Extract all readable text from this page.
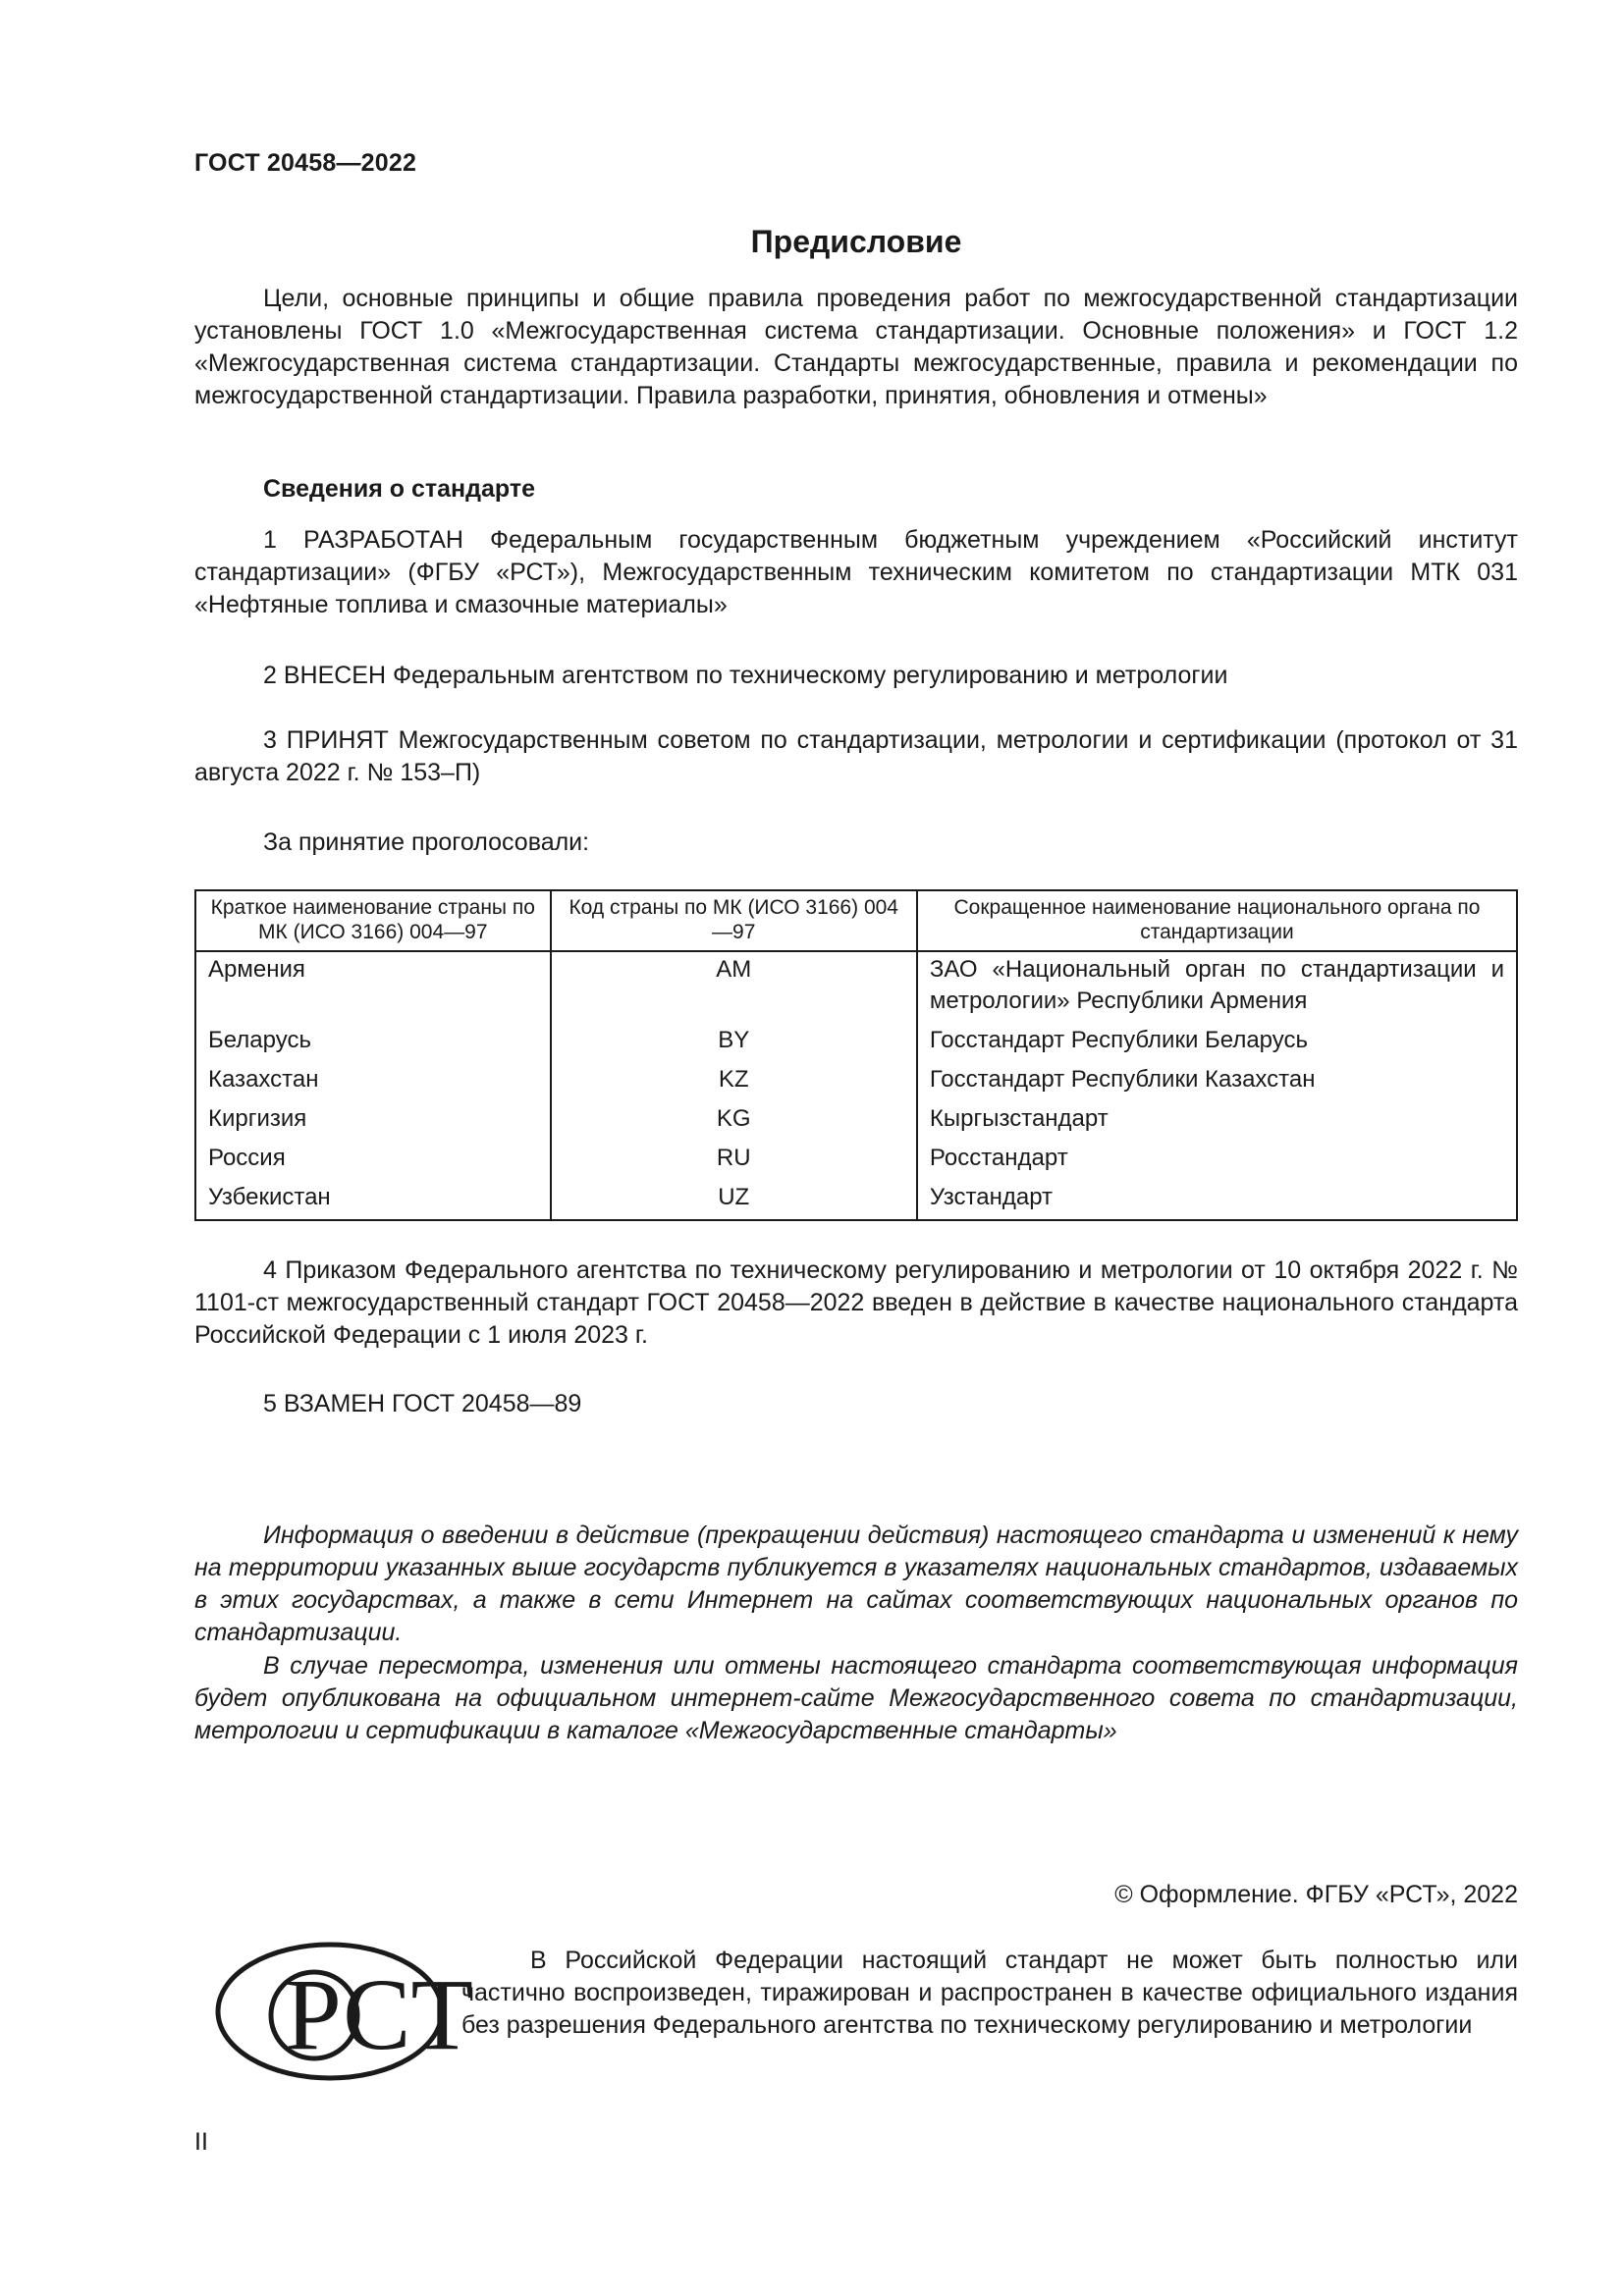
ГОСТ 20458—2022
Предисловие
Цели, основные принципы и общие правила проведения работ по межгосударственной стандартизации установлены ГОСТ 1.0 «Межгосударственная система стандартизации. Основные положения» и ГОСТ 1.2 «Межгосударственная система стандартизации. Стандарты межгосударственные, правила и рекомендации по межгосударственной стандартизации. Правила разработки, принятия, обновления и отмены»
Сведения о стандарте
1 РАЗРАБОТАН Федеральным государственным бюджетным учреждением «Российский институт стандартизации» (ФГБУ «РСТ»), Межгосударственным техническим комитетом по стандартизации МТК 031 «Нефтяные топлива и смазочные материалы»
2 ВНЕСЕН Федеральным агентством по техническому регулированию и метрологии
3 ПРИНЯТ Межгосударственным советом по стандартизации, метрологии и сертификации (протокол от 31 августа 2022 г. № 153–П)
За принятие проголосовали:
Краткое наименование страны по МК (ИСО 3166) 004—97	Код страны по МК (ИСО 3166) 004—97	Сокращенное наименование национального органа по стандартизации
Армения	AM	ЗАО «Национальный орган по стандартизации и метрологии» Республики Армения
Беларусь	BY	Госстандарт Республики Беларусь
Казахстан	KZ	Госстандарт Республики Казахстан
Киргизия	KG	Кыргызстандарт
Россия	RU	Росстандарт
Узбекистан	UZ	Узстандарт
4 Приказом Федерального агентства по техническому регулированию и метрологии от 10 октября 2022 г. № 1101-ст межгосударственный стандарт ГОСТ 20458—2022 введен в действие в качестве национального стандарта Российской Федерации с 1 июля 2023 г.
5 ВЗАМЕН ГОСТ 20458—89
Информация о введении в действие (прекращении действия) настоящего стандарта и изменений к нему на территории указанных выше государств публикуется в указателях национальных стандартов, издаваемых в этих государствах, а также в сети Интернет на сайтах соответствующих национальных органов по стандартизации.
В случае пересмотра, изменения или отмены настоящего стандарта соответствующая информация будет опубликована на официальном интернет-сайте Межгосударственного совета по стандартизации, метрологии и сертификации в каталоге «Межгосударственные стандарты»
© Оформление. ФГБУ «РСТ», 2022
РСТ	В Российской Федерации настоящий стандарт не может быть полностью или частично воспроизведен, тиражирован и распространен в качестве официального издания без разрешения Федерального агентства по техническому регулированию и метрологии
II
